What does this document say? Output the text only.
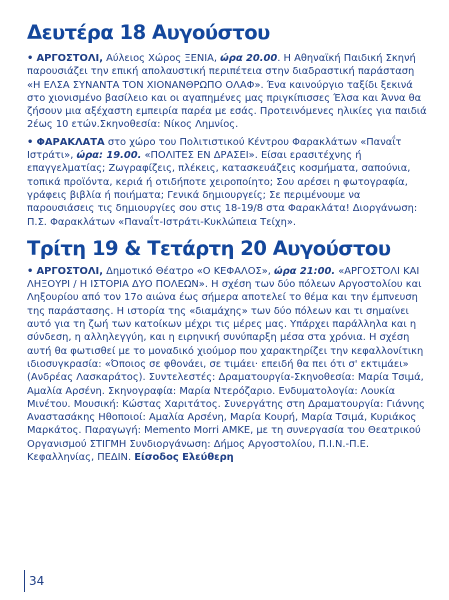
Δευτέρα 18 Αυγούστου
• ΑΡΓΟΣΤΟΛΙ, Αύλειος Χώρος ΞΕΝΙΑ, ώρα 20.00. Η Αθηναϊκή Παιδική Σκηνή παρουσιάζει την επική απολαυστική περιπέτεια στην διαδραστική παράσταση «Η ΕΛΣΑ ΣΥΝΑΝΤΑ ΤΟΝ ΧΙΟΝΑΝΘΡΩΠΟ ΟΛΑΦ». Ένα καινούργιο ταξίδι ξεκινά στο χιονισμένο βασίλειο και οι αγαπημένες μας πριγκίπισσες Έλσα και Άννα θα ζήσουν μια αξέχαστη εμπειρία παρέα με εσάς. Προτεινόμενες ηλικίες για παιδιά 2έως 10 ετών.Σκηνοθεσία: Νίκος Λημνίος.
• ΦΑΡΑΚΛΑΤΑ στο χώρο του Πολιτιστικού Κέντρου Φαρακλάτων «Παναΐτ Ιστράτι», ώρα: 19.00. «ΠΟΛΙΤΕΣ ΕΝ ΔΡΑΣΕΙ». Είσαι ερασιτέχνης ή επαγγελματίας; Ζωγραφίζεις, πλέκεις, κατασκευάζεις κοσμήματα, σαπούνια, τοπικά προϊόντα, κεριά ή οτιδήποτε χειροποίητο; Σου αρέσει η φωτογραφία, γράφεις βιβλία ή ποιήματα; Γενικά δημιουργείς; Σε περιμένουμε να παρουσιάσεις τις δημιουργίες σου στις 18-19/8 στα Φαρακλάτα! Διοργάνωση: Π.Σ. Φαρακλάτων «Παναΐτ-Ιστράτι-Κυκλώπεια Τείχη».
Τρίτη 19 & Τετάρτη 20 Αυγούστου
• ΑΡΓΟΣΤΟΛΙ, Δημοτικό Θέατρο «Ο ΚΕΦΑΛΟΣ», ώρα 21:00. «ΑΡΓΟΣΤΟΛΙ ΚΑΙ ΛΗΞΟΥΡΙ / Η ΙΣΤΟΡΙΑ ΔΥΟ ΠΟΛΕΩΝ». Η σχέση των δύο πόλεων Αργοστολίου και Ληξουρίου από τον 17ο αιώνα έως σήμερα αποτελεί το θέμα και την έμπνευση της παράστασης. Η ιστορία της «διαμάχης» των δύο πόλεων και τι σημαίνει αυτό για τη ζωή των κατοίκων μέχρι τις μέρες μας. Υπάρχει παράλληλα και η σύνδεση, η αλληλεγγύη, και η ειρηνική συνύπαρξη μέσα στα χρόνια. Η σχέση αυτή θα φωτισθεί με το μοναδικό χιούμορ που χαρακτηρίζει την κεφαλλονίτικη ιδιοσυγκρασία: «Όποιος σε φθονάει, σε τιμάει· επειδή θα πει ότι σ' εκτιμάει» (Ανδρέας Λασκαράτος). Συντελεστές: Δραματουργία-Σκηνοθεσία: Μαρία Τσιμά, Αμαλία Αρσένη. Σκηνογραφία: Μαρία Ντερόζαριο. Ενδυματολογία: Λουκία Μινέτου. Μουσική: Κώστας Χαριτάτος. Συνεργάτης στη Δραματουργία: Γιάννης Αναστασάκης Ηθοποιοί: Αμαλία Αρσένη, Μαρία Κουρή, Μαρία Τσιμά, Κυριάκος Μαρκάτος. Παραγωγή: Memento Morri ΑΜΚΕ, με τη συνεργασία του Θεατρικού Οργανισμού ΣΤΙΓΜΗ Συνδιοργάνωση: Δήμος Αργοστολίου, Π.Ι.Ν.-Π.Ε. Κεφαλληνίας, ΠΕΔΙΝ. Είσοδος Ελεύθερη
34
